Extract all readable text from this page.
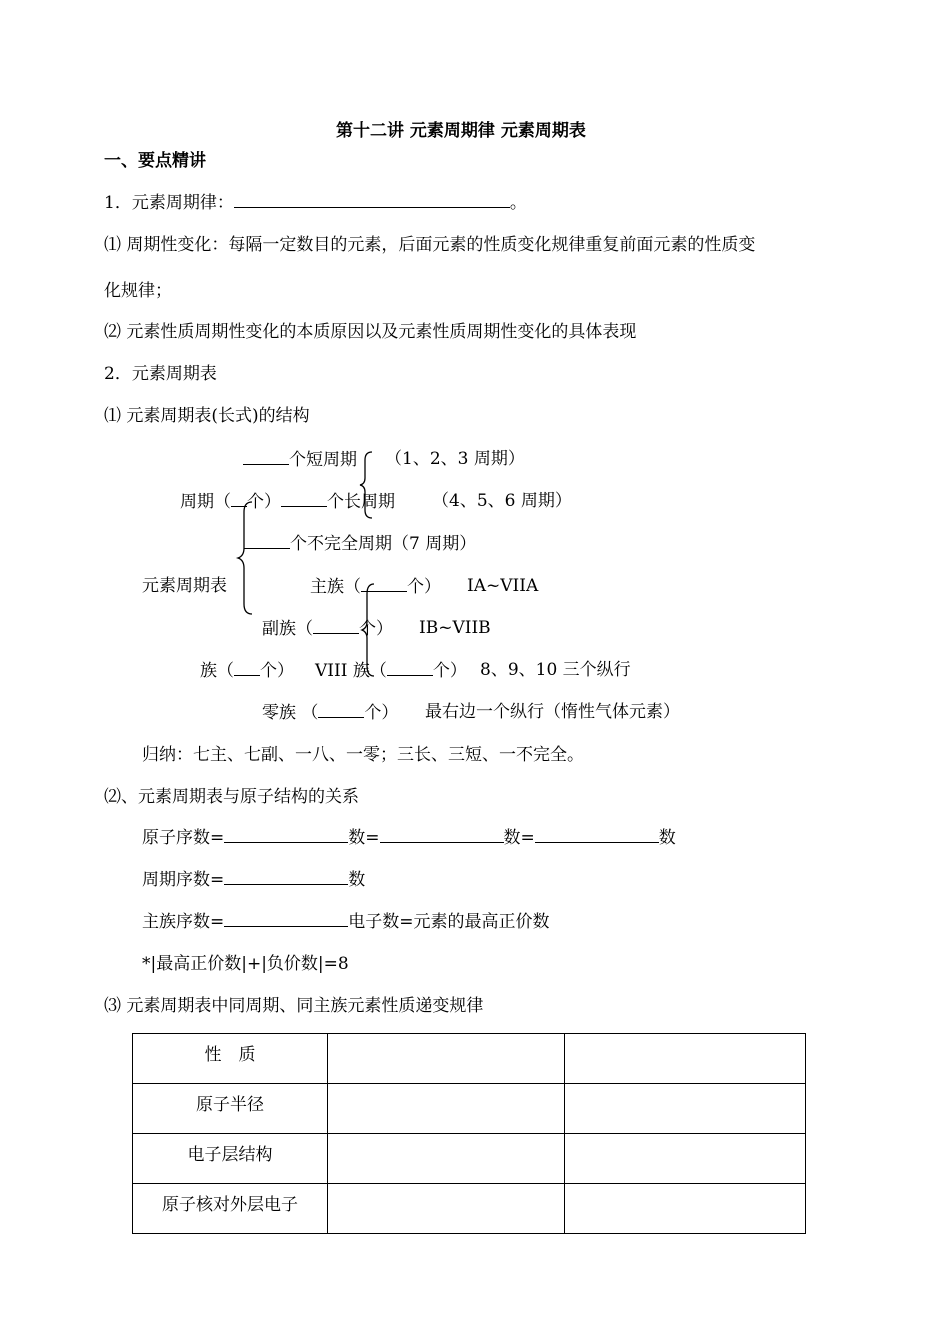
第十二讲 元素周期律 元素周期表
一、要点精讲
1．元素周期律：	。
⑴ 周期性变化：每隔一定数目的元素，后面元素的性质变化规律重复前面元素的性质变
化规律；
⑵ 元素性质周期性变化的本质原因以及元素性质周期性变化的具体表现
2．元素周期表
⑴ 元素周期表(长式)的结构
个短周期 （1、2、3 周期）
周期（ 个）	个长周期 （4、5、6 周期）
个不完全周期（7 周期）
元素周期表	主族（	个） IA~VIIA
副族（	个） IB~VIIB
族（ 个） VIII 族（	个） 8、9、10 三个纵行
零族 （	个） 最右边一个纵行（惰性气体元素）
归纳：七主、七副、一八、一零；三长、三短、一不完全。
⑵、元素周期表与原子结构的关系
原子序数=	数=	数=	数
周期序数=	数
主族序数=	电子数=元素的最高正价数
*|最高正价数|+|负价数|=8
⑶ 元素周期表中同周期、同主族元素性质递变规律
性　质		
原子半径		
电子层结构		
原子核对外层电子		
